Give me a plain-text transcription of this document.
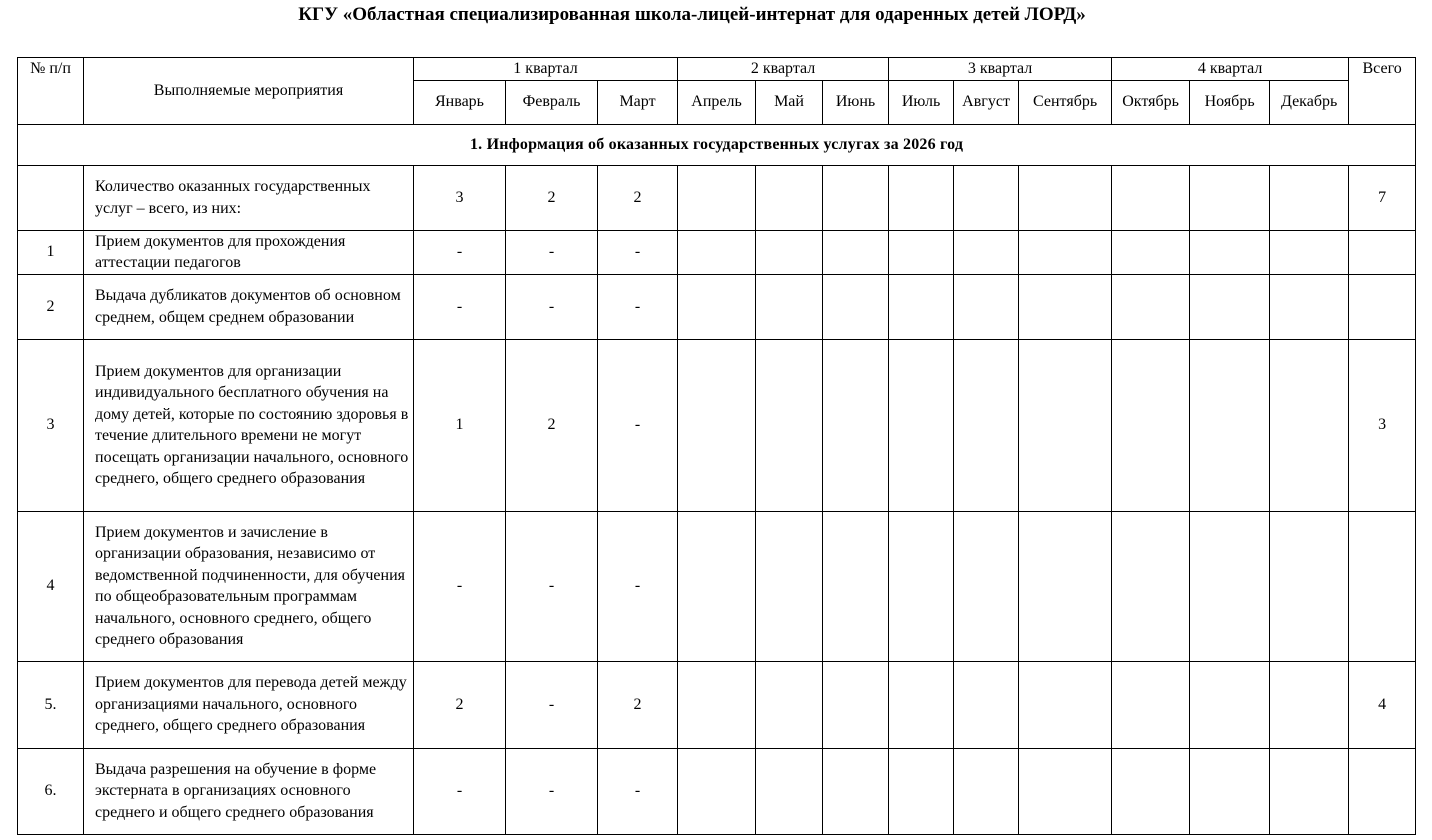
КГУ «Областная специализированная школа-лицей-интернат для одаренных детей ЛОРД»
№ п/п	Выполняемые мероприятия	1 квартал			2 квартал			3 квартал			4 квартал			Всего
		Январь	Февраль	Март	Апрель	Май	Июнь	Июль	Август	Сентябрь	Октябрь	Ноябрь	Декабрь	
1. Информация об оказанных государственных услугах за 2026 год														
	Количество оказанных государственных услуг – всего, из них:	3	2	2										7
1	Прием документов для прохождения аттестации педагогов	-	-	-										
2	Выдача дубликатов документов об основном среднем, общем среднем образовании	-	-	-										
3	Прием документов для организации индивидуального бесплатного обучения на дому детей, которые по состоянию здоровья в течение длительного времени не могут посещать организации начального, основного среднего, общего среднего образования	1	2	-										3
4	Прием документов и зачисление в организации образования, независимо от ведомственной подчиненности, для обучения по общеобразовательным программам начального, основного среднего, общего среднего образования	-	-	-										
5.	Прием документов для перевода детей между организациями начального, основного среднего, общего среднего образования	2	-	2										4
6.	Выдача разрешения на обучение в форме экстерната в организациях основного среднего и общего среднего образования	-	-	-										
